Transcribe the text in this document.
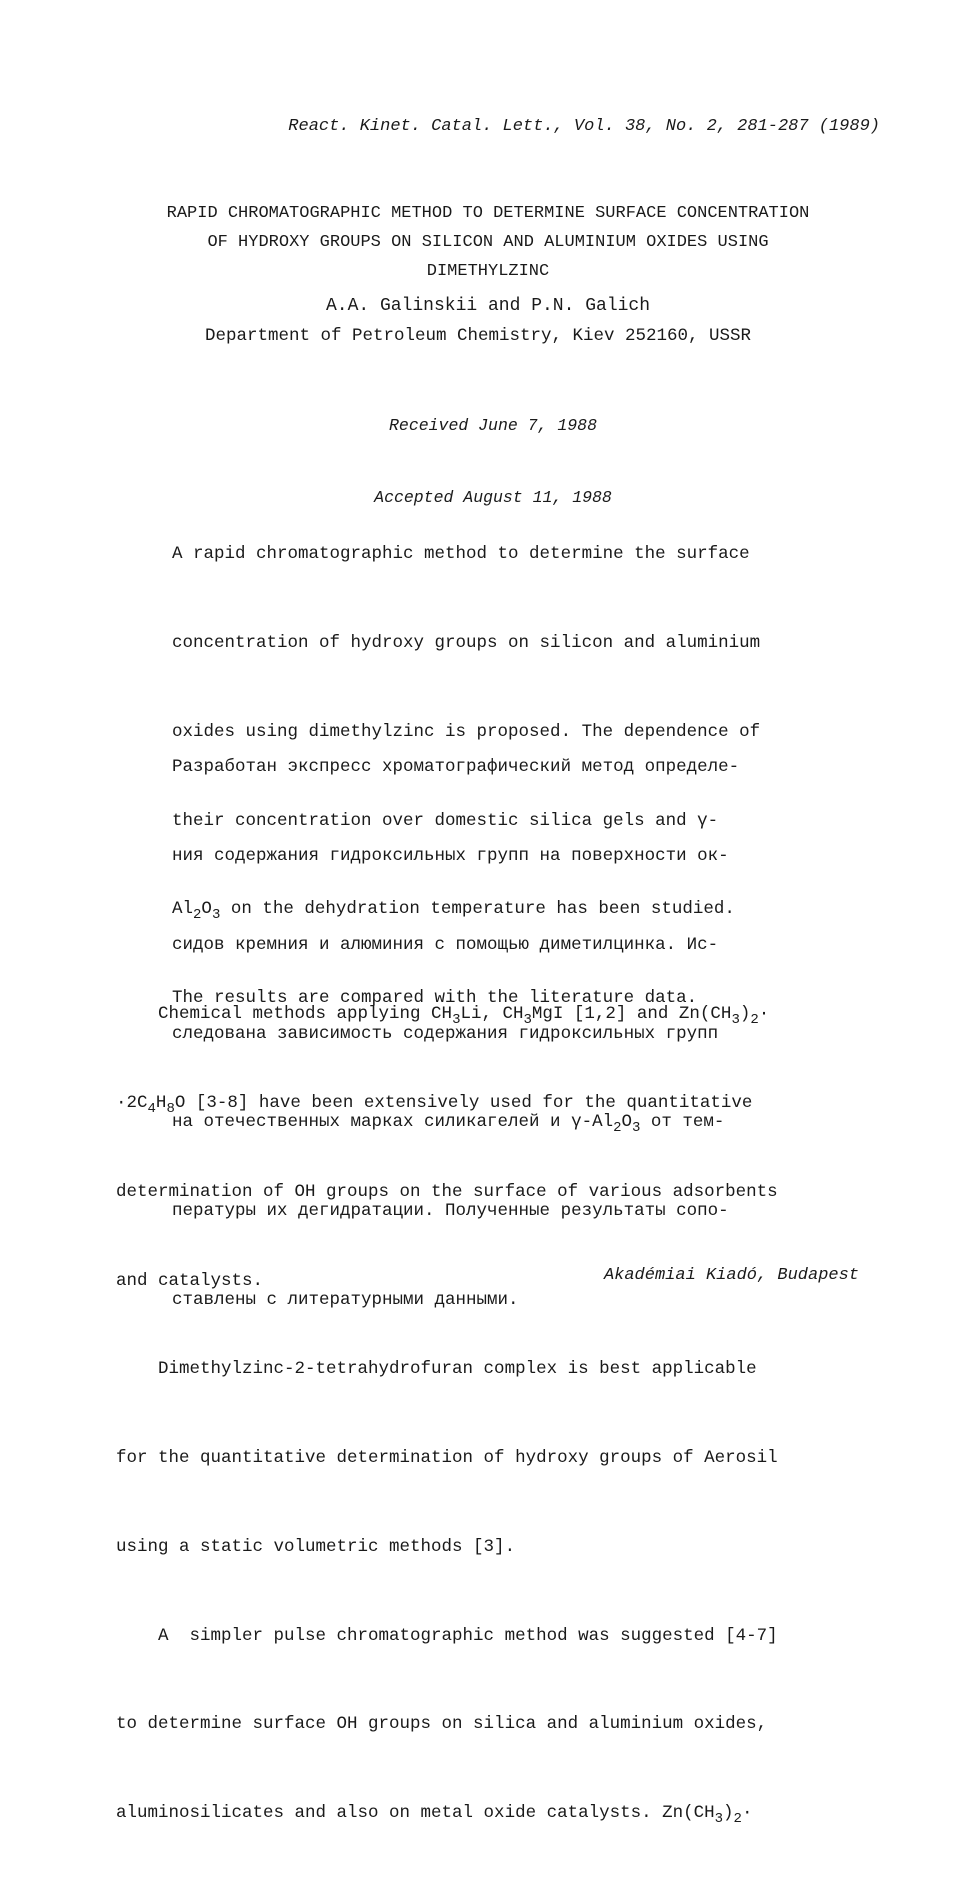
React. Kinet. Catal. Lett., Vol. 38, No. 2, 281-287 (1989)
RAPID CHROMATOGRAPHIC METHOD TO DETERMINE SURFACE CONCENTRATION
OF HYDROXY GROUPS ON SILICON AND ALUMINIUM OXIDES USING
DIMETHYLZINC
A.A. Galinskii and P.N. Galich
Department of Petroleum Chemistry, Kiev 252160, USSR

Received June 7, 1988

Accepted August 11, 1988

A rapid chromatographic method to determine the surface

concentration of hydroxy groups on silicon and aluminium

oxides using dimethylzinc is proposed. The dependence of

their concentration over domestic silica gels and γ-

$Al_2O_3$ on the dehydration temperature has been studied.

The results are compared with the literature data.

Разработан экспресс хроматографический метод определе-

ния содержания гидроксильных групп на поверхности ок-

сидов кремния и алюминия с помощью диметилцинка. Ис-

следована зависимость содержания гидроксильных групп

на отечественных марках силикагелей и $\gamma-Al_2O_3$ от тем-

пературы их дегидратации. Полученные результаты сопо-

ставлены с литературными данными.

Chemical methods applying $CH_3Li$, $CH_3MgI$ [1,2] and $Zn(CH_3)_2\cdot$

$\cdot 2C_4H_8O$ [3-8] have been extensively used for the quantitative

determination of OH groups on the surface of various adsorbents

and catalysts.

Dimethylzinc-2-tetrahydrofuran complex is best applicable

for the quantitative determination of hydroxy groups of Aerosil

using a static volumetric methods [3].

A  simpler pulse chromatographic method was suggested [4-7]

to determine surface OH groups on silica and aluminium oxides,

aluminosilicates and also on metal oxide catalysts. $Zn(CH_3)_2\cdot$

Akadémiai Kiadó, Budapest
